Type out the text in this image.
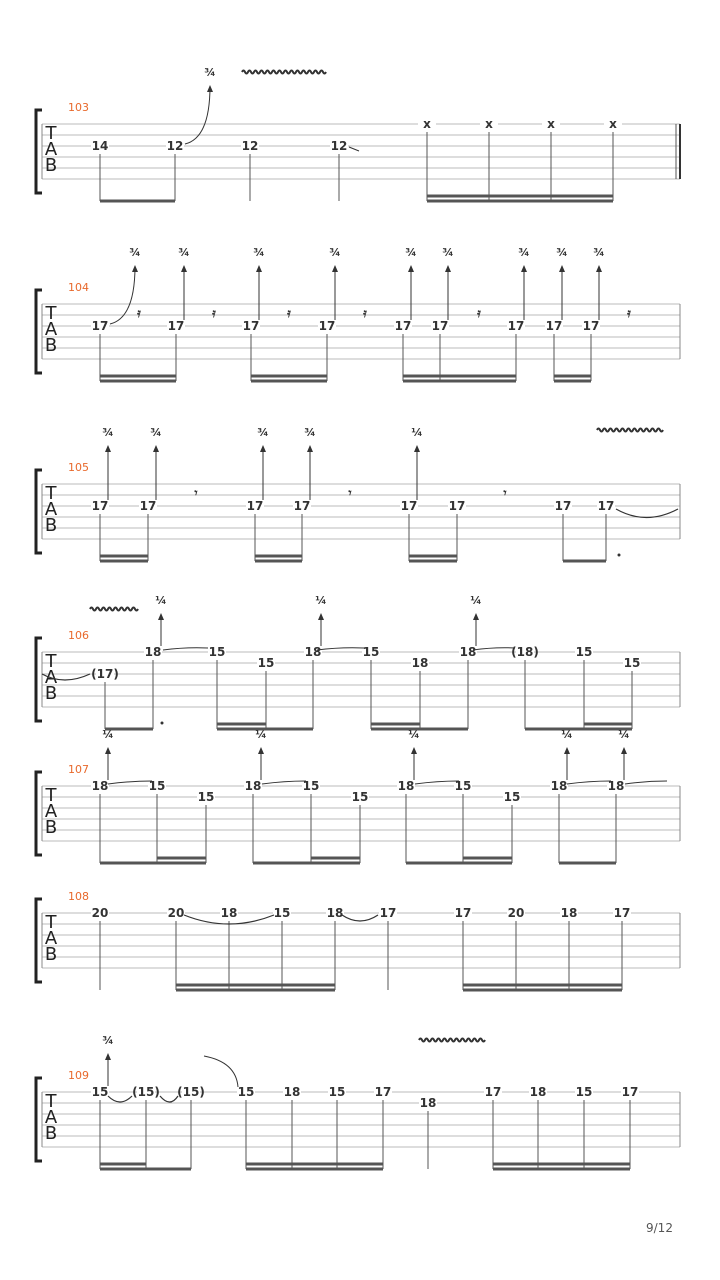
T
A
B
103
14	12
¾
12	12
x	x	x	x
T
A
B
104
17
¾
17
¾
17
¾
17
¾
17
¾
17
¾
17
¾
17
¾
17
¾
𝄿	𝄿	𝄿	𝄿	𝄿	𝄿
T
A
B
105
17
¾
17
¾
17
¾
17
¾
17
¼
17	17 17
𝄾	𝄾	𝄾
T
A
B
106
(17)
18
¼
15
15
18
¼
15
18
18
¼
(18)	15
15
T
A
B
107
18
¼
15
15
18
¼
15
15
18
¼
15
15
18
¼
18
¼
T
A
B
108
20	20	18	15	18	17	17	20	18	17
T
A
B
109
15
¾
(15) (15)	15 18 15 17
18
17 18 15 17
9/12
